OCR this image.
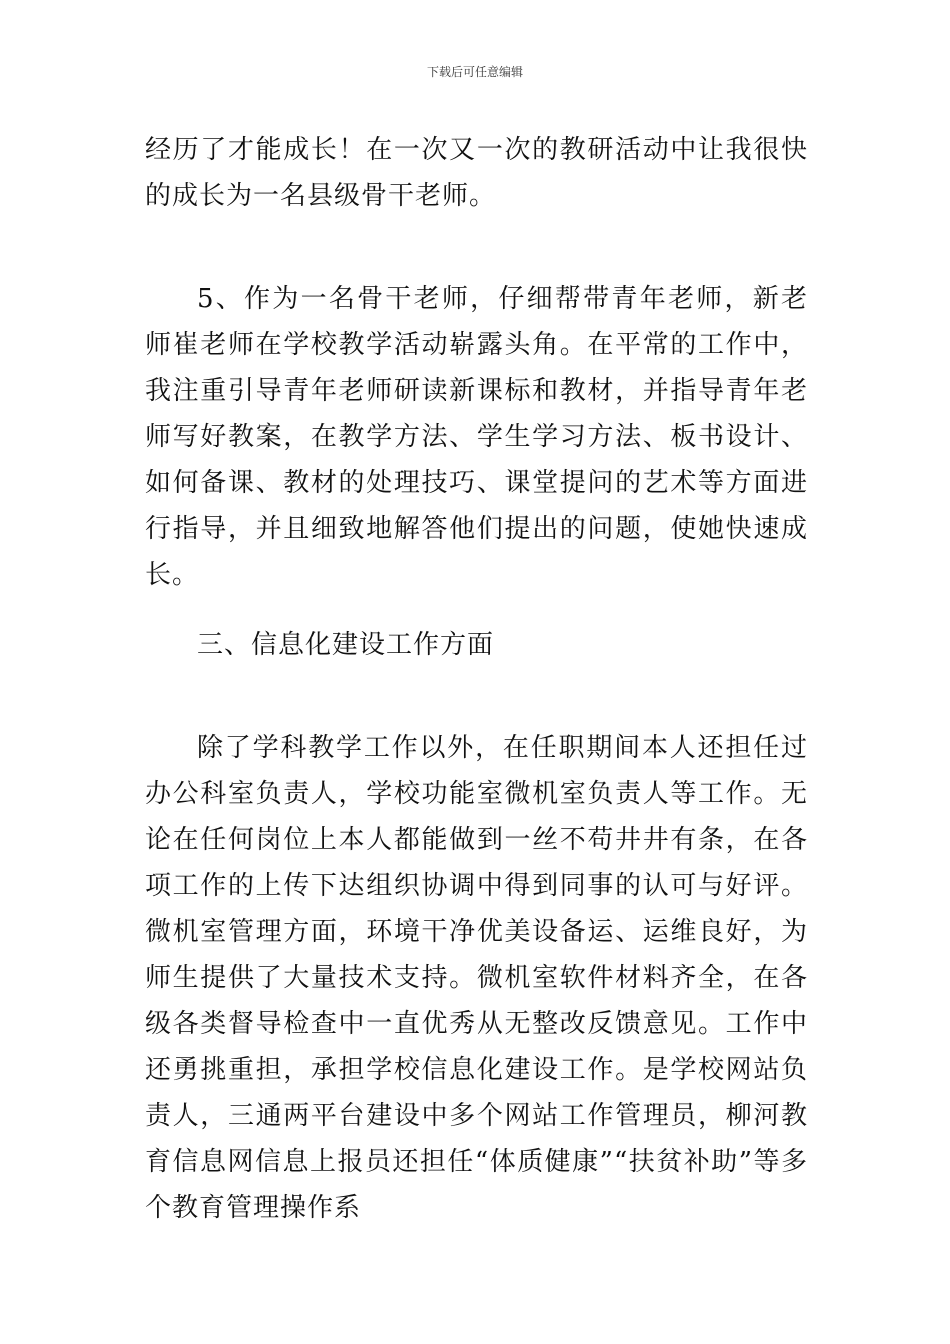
下载后可任意编辑

经历了才能成长！在一次又一次的教研活动中让我很快的成长为一名县级骨干老师。

5、作为一名骨干老师，仔细帮带青年老师，新老师崔老师在学校教学活动崭露头角。在平常的工作中，我注重引导青年老师研读新课标和教材，并指导青年老师写好教案，在教学方法、学生学习方法、板书设计、如何备课、教材的处理技巧、课堂提问的艺术等方面进行指导，并且细致地解答他们提出的问题，使她快速成长。

三、信息化建设工作方面

除了学科教学工作以外，在任职期间本人还担任过办公科室负责人，学校功能室微机室负责人等工作。无论在任何岗位上本人都能做到一丝不苟井井有条，在各项工作的上传下达组织协调中得到同事的认可与好评。微机室管理方面，环境干净优美设备运、运维良好，为师生提供了大量技术支持。微机室软件材料齐全，在各级各类督导检查中一直优秀从无整改反馈意见。工作中还勇挑重担，承担学校信息化建设工作。是学校网站负责人，三通两平台建设中多个网站工作管理员，柳河教育信息网信息上报员还担任“体质健康”“扶贫补助”等多个教育管理操作系
